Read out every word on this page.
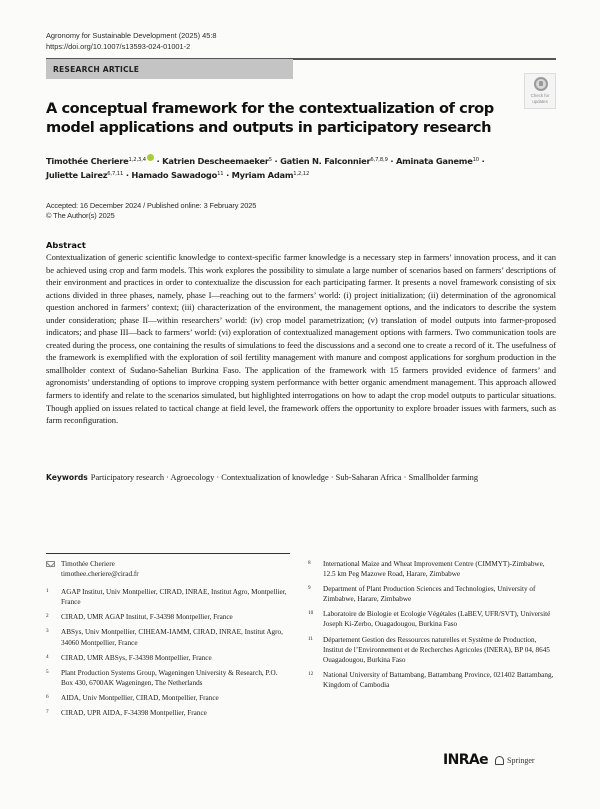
Agronomy for Sustainable Development (2025) 45:8
https://doi.org/10.1007/s13593-024-01001-2
RESEARCH ARTICLE
Check for
updates
A conceptual framework for the contextualization of crop model applications and outputs in participatory research
Timothée Cheriere$^{1,2,3,4}$ · Katrien Descheemaeker$^5$ · Gatien N. Falconnier$^{6,7,8,9}$ · Aminata Ganeme$^{10}$ ·
Juliette Lairez$^{6,7,11}$ · Hamado Sawadogo$^{11}$ · Myriam Adam$^{1,2,12}$
Accepted: 16 December 2024 / Published online: 3 February 2025
© The Author(s) 2025
Abstract

Contextualization of generic scientific knowledge to context-specific farmer knowledge is a necessary step in farmers’ innovation process, and it can be achieved using crop and farm models. This work explores the possibility to simulate a large number of scenarios based on farmers’ descriptions of their environment and practices in order to contextualize the discussion for each participating farmer. It presents a novel framework consisting of six actions divided in three phases, namely, phase I—reaching out to the farmers’ world: (i) project initialization; (ii) determination of the agronomical question anchored in farmers’ context; (iii) characterization of the environment, the management options, and the indicators to describe the system under consideration; phase II—within researchers’ world: (iv) crop model parametrization; (v) translation of model outputs into farmer-proposed indicators; and phase III—back to farmers’ world: (vi) exploration of contextualized management options with farmers. Two communication tools are created during the process, one containing the results of simulations to feed the discussions and a second one to create a record of it. The usefulness of the framework is exemplified with the exploration of soil fertility management with manure and compost applications for sorghum production in the smallholder context of Sudano-Sahelian Burkina Faso. The application of the framework with 15 farmers provided evidence of farmers’ and agronomists’ understanding of options to improve cropping system performance with better organic amendment management. This approach allowed farmers to identify and relate to the scenarios simulated, but highlighted interrogations on how to adapt the crop model outputs to particular situations. Though applied on issues related to tactical change at field level, the framework offers the opportunity to explore broader issues with farmers, such as farm reconfiguration.

Keywords Participatory research · Agroecology · Contextualization of knowledge · Sub-Saharan Africa · Smallholder farming
Timothée Cheriere
timothee.cheriere@cirad.fr
1 AGAP Institut, Univ Montpellier, CIRAD, INRAE, Institut Agro, Montpellier, France
2 CIRAD, UMR AGAP Institut, F-34398 Montpellier, France
3 ABSys, Univ Montpellier, CIHEAM-IAMM, CIRAD, INRAE, Institut Agro, 34060 Montpellier, France
4 CIRAD, UMR ABSys, F-34398 Montpellier, France
5 Plant Production Systems Group, Wageningen University & Research, P.O. Box 430, 6700AK Wageningen, The Netherlands
6 AIDA, Univ Montpellier, CIRAD, Montpellier, France
7 CIRAD, UPR AIDA, F-34398 Montpellier, France
8 International Maize and Wheat Improvement Centre (CIMMYT)-Zimbabwe, 12.5 km Peg Mazowe Road, Harare, Zimbabwe
9 Department of Plant Production Sciences and Technologies, University of Zimbabwe, Harare, Zimbabwe
10 Laboratoire de Biologie et Ecologie Végétales (LaBEV, UFR/SVT), Université Joseph Ki-Zerbo, Ouagadougou, Burkina Faso
11 Département Gestion des Ressources naturelles et Système de Production, Institut de l’Environnement et de Recherches Agricoles (INERA), BP 04, 8645 Ouagadougou, Burkina Faso
12 National University of Battambang, Battambang Province, 021402 Battambang, Kingdom of Cambodia
INRAe Springer
